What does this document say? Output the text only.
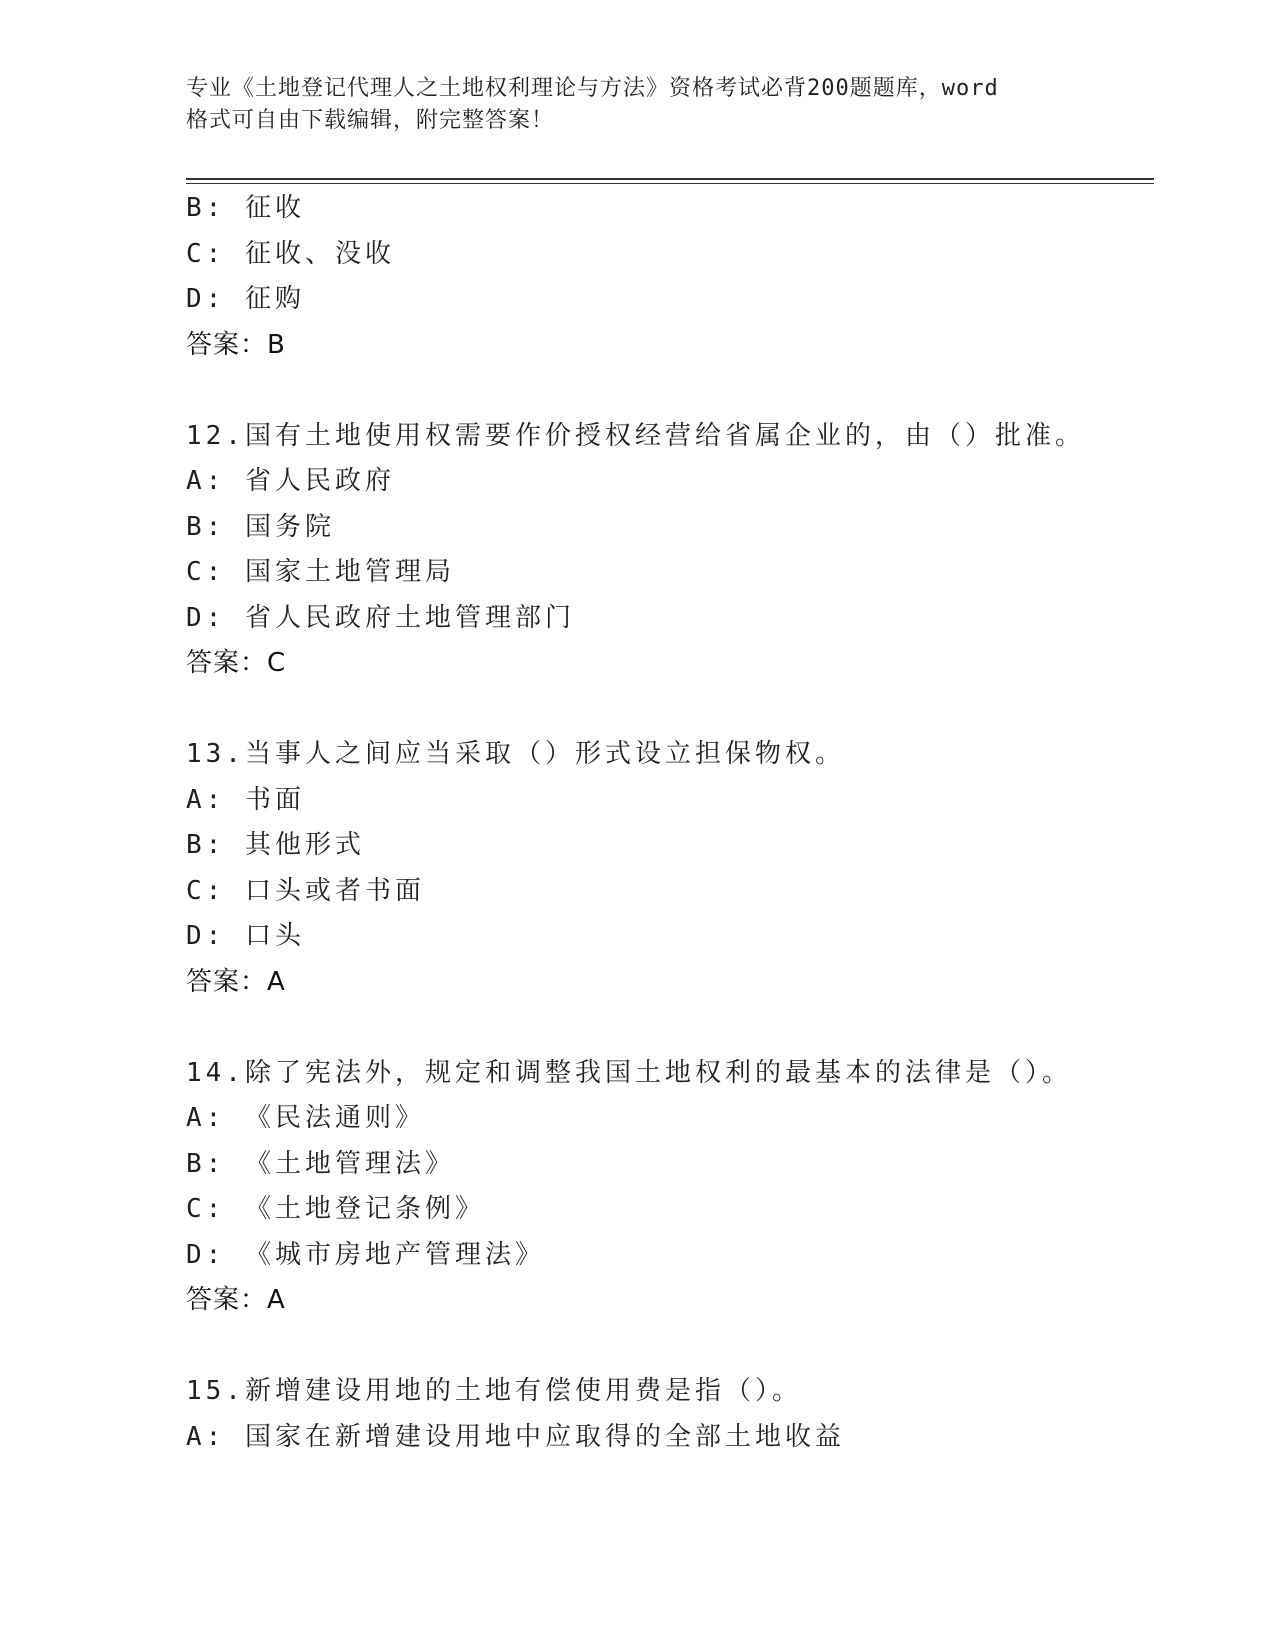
专业《土地登记代理人之土地权利理论与方法》资格考试必背200题题库，word
格式可自由下载编辑，附完整答案！
B: 征收
C: 征收、没收
D: 征购
答案：B
12.国有土地使用权需要作价授权经营给省属企业的，由（）批准。
A: 省人民政府
B: 国务院
C: 国家土地管理局
D: 省人民政府土地管理部门
答案：C
13.当事人之间应当采取（）形式设立担保物权。
A: 书面
B: 其他形式
C: 口头或者书面
D: 口头
答案：A
14.除了宪法外，规定和调整我国土地权利的最基本的法律是（）。
A: 《民法通则》
B: 《土地管理法》
C: 《土地登记条例》
D: 《城市房地产管理法》
答案：A
15.新增建设用地的土地有偿使用费是指（）。
A: 国家在新增建设用地中应取得的全部土地收益
